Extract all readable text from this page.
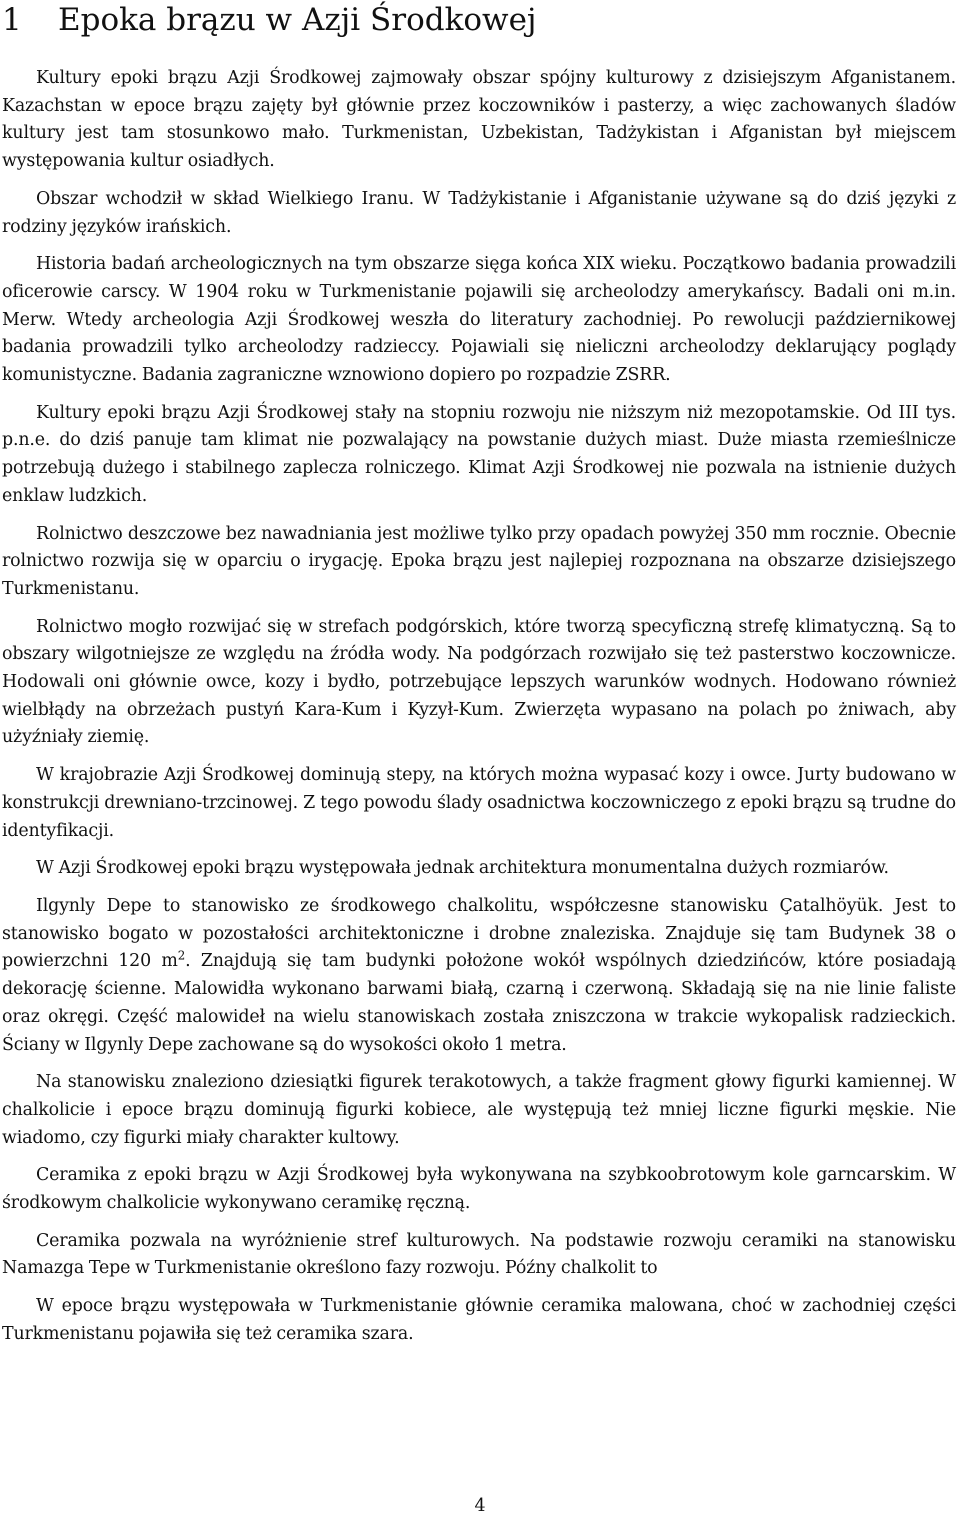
1 Epoka brązu w Azji Środkowej

Kultury epoki brązu Azji Środkowej zajmowały obszar spójny kulturowy z dzisiejszym Afganistanem. Kazachstan w epoce brązu zajęty był głównie przez koczowników i pasterzy, a więc zachowanych śladów kultury jest tam stosunkowo mało. Turkmenistan, Uzbekistan, Tadżykistan i Afganistan był miejscem występowania kultur osiadłych.

Obszar wchodził w skład Wielkiego Iranu. W Tadżykistanie i Afganistanie używane są do dziś języki z rodziny języków irańskich.

Historia badań archeologicznych na tym obszarze sięga końca XIX wieku. Początkowo badania prowadzili oficerowie carscy. W 1904 roku w Turkmenistanie pojawili się archeolodzy amerykańscy. Badali oni m.in. Merw. Wtedy archeologia Azji Środkowej weszła do literatury zachodniej. Po rewolucji październikowej badania prowadzili tylko archeolodzy radzieccy. Pojawiali się nieliczni archeolodzy deklarujący poglądy komunistyczne. Badania zagraniczne wznowiono dopiero po rozpadzie ZSRR.

Kultury epoki brązu Azji Środkowej stały na stopniu rozwoju nie niższym niż mezopotamskie. Od III tys. p.n.e. do dziś panuje tam klimat nie pozwalający na powstanie dużych miast. Duże miasta rzemieślnicze potrzebują dużego i stabilnego zaplecza rolniczego. Klimat Azji Środkowej nie pozwala na istnienie dużych enklaw ludzkich.

Rolnictwo deszczowe bez nawadniania jest możliwe tylko przy opadach powyżej 350 mm rocznie. Obecnie rolnictwo rozwija się w oparciu o irygację. Epoka brązu jest najlepiej rozpoznana na obszarze dzisiejszego Turkmenistanu.

Rolnictwo mogło rozwijać się w strefach podgórskich, które tworzą specyficzną strefę klimatyczną. Są to obszary wilgotniejsze ze względu na źródła wody. Na podgórzach rozwijało się też pasterstwo koczownicze. Hodowali oni głównie owce, kozy i bydło, potrzebujące lepszych warunków wodnych. Hodowano również wielbłądy na obrzeżach pustyń Kara-Kum i Kyzył-Kum. Zwierzęta wypasano na polach po żniwach, aby użyźniały ziemię.

W krajobrazie Azji Środkowej dominują stepy, na których można wypasać kozy i owce. Jurty budowano w konstrukcji drewniano-trzcinowej. Z tego powodu ślady osadnictwa koczowniczego z epoki brązu są trudne do identyfikacji.

W Azji Środkowej epoki brązu występowała jednak architektura monumentalna dużych rozmiarów.

Ilgynly Depe to stanowisko ze środkowego chalkolitu, współczesne stanowisku Çatalhöyük. Jest to stanowisko bogato w pozostałości architektoniczne i drobne znaleziska. Znajduje się tam Budynek 38 o powierzchni 120 $m^2$. Znajdują się tam budynki położone wokół wspólnych dziedzińców, które posiadają dekorację ścienne. Malowidła wykonano barwami białą, czarną i czerwoną. Składają się na nie linie faliste oraz okręgi. Część malowideł na wielu stanowiskach została zniszczona w trakcie wykopalisk radzieckich. Ściany w Ilgynly Depe zachowane są do wysokości około 1 metra.

Na stanowisku znaleziono dziesiątki figurek terakotowych, a także fragment głowy figurki kamiennej. W chalkolicie i epoce brązu dominują figurki kobiece, ale występują też mniej liczne figurki męskie. Nie wiadomo, czy figurki miały charakter kultowy.

Ceramika z epoki brązu w Azji Środkowej była wykonywana na szybkoobrotowym kole garncarskim. W środkowym chalkolicie wykonywano ceramikę ręczną.

Ceramika pozwala na wyróżnienie stref kulturowych. Na podstawie rozwoju ceramiki na stanowisku Namazga Tepe w Turkmenistanie określono fazy rozwoju. Późny chalkolit to

W epoce brązu występowała w Turkmenistanie głównie ceramika malowana, choć w zachodniej części Turkmenistanu pojawiła się też ceramika szara.

4
